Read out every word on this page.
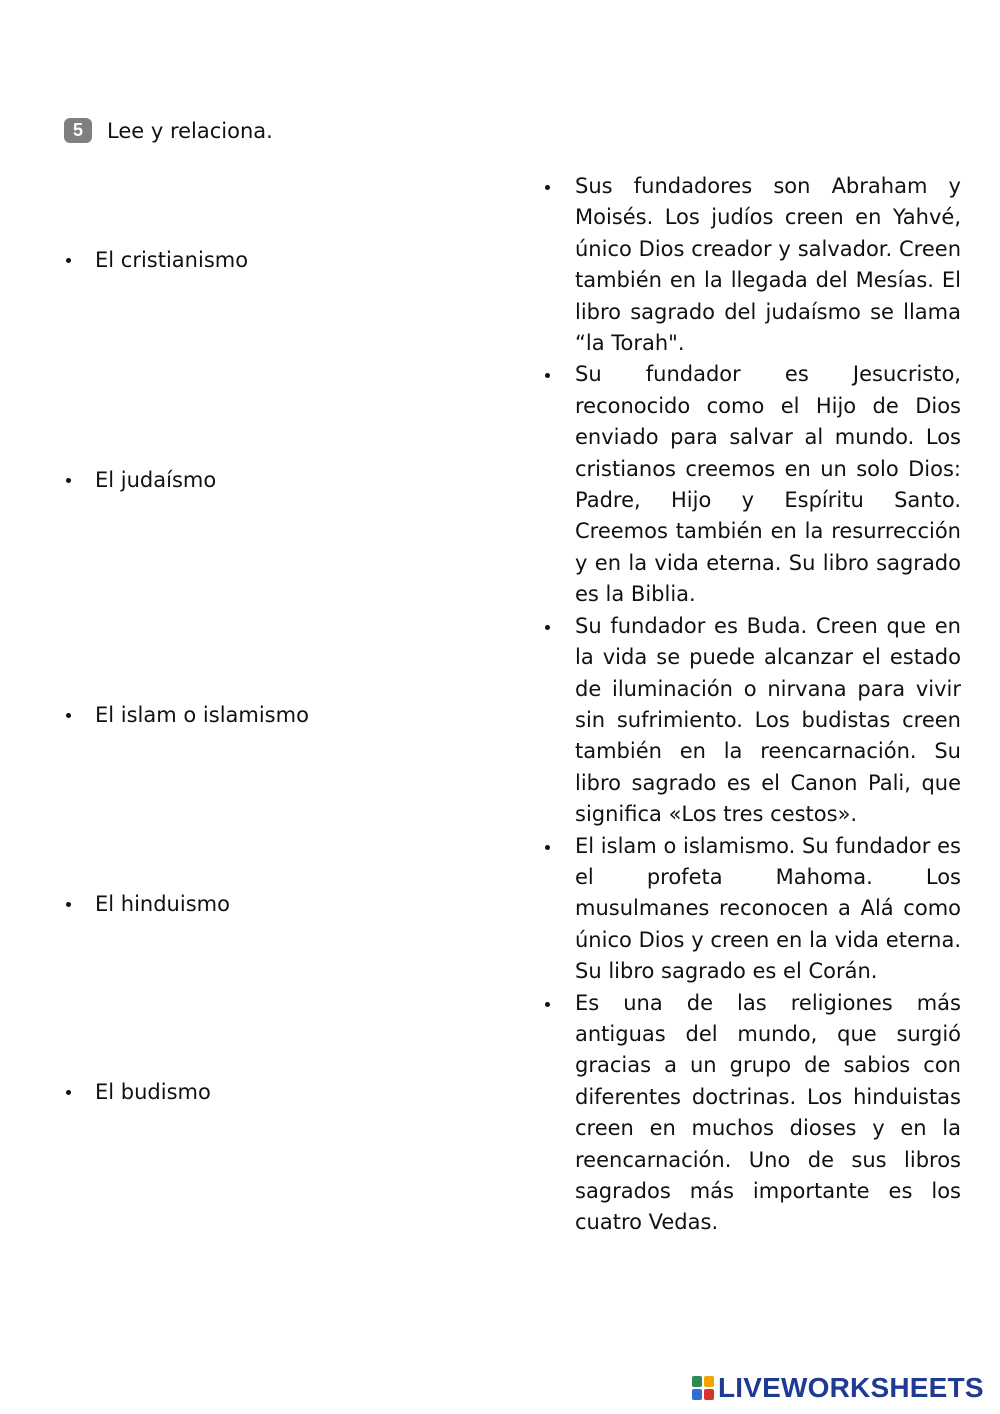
5	Lee y relaciona.
El cristianismo
El judaísmo
El islam o islamismo
El hinduismo
El budismo
Sus fundadores son Abraham y Moisés. Los judíos creen en Yahvé, único Dios creador y salvador. Creen también en la llegada del Mesías. El libro sagrado del judaísmo se llama “la Torah".
Su fundador es Jesucristo, reconocido como el Hijo de Dios enviado para salvar al mundo. Los cristianos creemos en un solo Dios: Padre, Hijo y Espíritu Santo. Creemos también en la resurrección y en la vida eterna. Su libro sagrado es la Biblia.
Su fundador es Buda. Creen que en la vida se puede alcanzar el estado de iluminación o nirvana para vivir sin sufrimiento. Los budistas creen también en la reencarnación. Su libro sagrado es el Canon Pali, que significa «Los tres cestos».
El islam o islamismo. Su fundador es el profeta Mahoma. Los musulmanes reconocen a Alá como único Dios y creen en la vida eterna. Su libro sagrado es el Corán.
Es una de las religiones más antiguas del mundo, que surgió gracias a un grupo de sabios con diferentes doctrinas. Los hinduistas creen en muchos dioses y en la reencarnación. Uno de sus libros sagrados más importante es los cuatro Vedas.
LIVEWORKSHEETS
